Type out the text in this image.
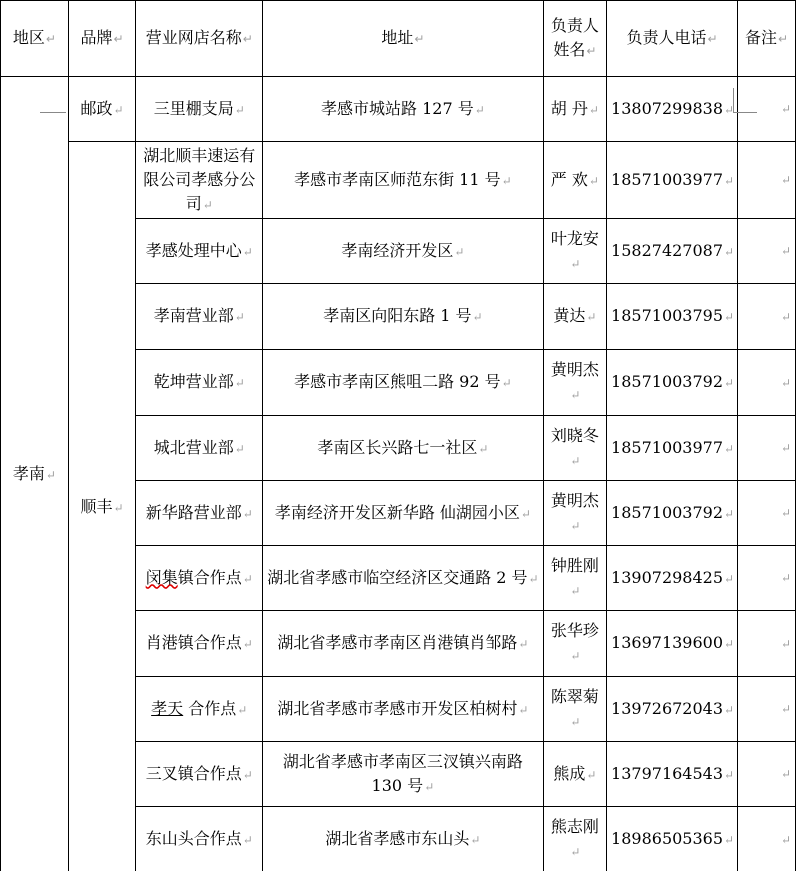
地区↵	品牌↵	营业网店名称↵	地址↵	负责人姓名↵	负责人电话↵	备注↵
孝南↵	邮政↵	三里棚支局↵	孝感市城站路 127 号↵	胡 丹↵	13807299838↵	↵

	顺丰↵	湖北顺丰速运有限公司孝感分公司↵	孝感市孝南区师范东街 11 号↵	严 欢↵	18571003977↵	↵

		孝感处理中心↵	孝南经济开发区↵	叶龙安↵	15827427087↵	↵

		孝南营业部↵	孝南区向阳东路 1 号↵	黄达↵	18571003795↵	↵

		乾坤营业部↵	孝感市孝南区熊咀二路 92 号↵	黄明杰↵	18571003792↵	↵

		城北营业部↵	孝南区长兴路七一社区↵	刘晓冬↵	18571003977↵	↵

		新华路营业部↵	孝南经济开发区新华路 仙湖园小区↵	黄明杰↵	18571003792↵	↵

		闵集镇合作点↵	湖北省孝感市临空经济区交通路 2 号↵	钟胜刚↵	13907298425↵	↵

		肖港镇合作点↵	湖北省孝感市孝南区肖港镇肖邹路↵	张华珍↵	13697139600↵	↵

		孝天 合作点↵	湖北省孝感市孝感市开发区柏树村↵	陈翠菊↵	13972672043↵	↵

		三叉镇合作点↵	湖北省孝感市孝南区三汊镇兴南路 130 号↵	熊成↵	13797164543↵	↵

		东山头合作点↵	湖北省孝感市东山头↵	熊志刚↵	18986505365↵	↵
